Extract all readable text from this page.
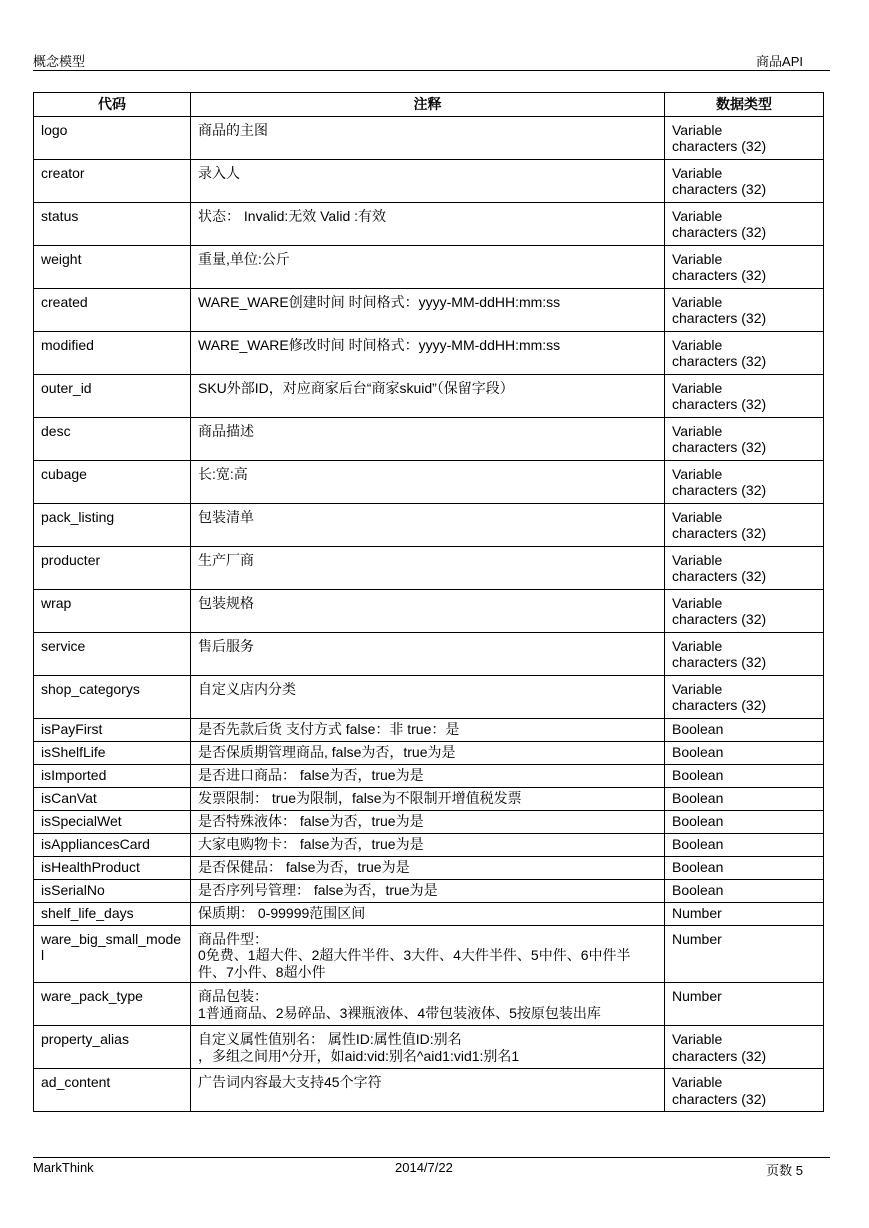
概念模型	商品API
代码	注释	数据类型
logo	商品的主图	Variable
characters (32)
creator	录入人	Variable
characters (32)
status	状态： Invalid:无效 Valid :有效	Variable
characters (32)
weight	重量,单位:公斤	Variable
characters (32)
created	WARE_WARE创建时间 时间格式：yyyy-MM-ddHH:mm:ss	Variable
characters (32)
modified	WARE_WARE修改时间 时间格式：yyyy-MM-ddHH:mm:ss	Variable
characters (32)
outer_id	SKU外部ID，对应商家后台“商家skuid”（保留字段）	Variable
characters (32)
desc	商品描述	Variable
characters (32)
cubage	长:宽:高	Variable
characters (32)
pack_listing	包装清单	Variable
characters (32)
producter	生产厂商	Variable
characters (32)
wrap	包装规格	Variable
characters (32)
service	售后服务	Variable
characters (32)
shop_categorys	自定义店内分类	Variable
characters (32)
isPayFirst	是否先款后货 支付方式 false：非 true：是	Boolean
isShelfLife	是否保质期管理商品, false为否，true为是	Boolean
isImported	是否进口商品： false为否，true为是	Boolean
isCanVat	发票限制： true为限制，false为不限制开增值税发票	Boolean
isSpecialWet	是否特殊液体： false为否，true为是	Boolean
isAppliancesCard	大家电购物卡： false为否，true为是	Boolean
isHealthProduct	是否保健品： false为否，true为是	Boolean
isSerialNo	是否序列号管理： false为否，true为是	Boolean
shelf_life_days	保质期： 0-99999范围区间	Number
ware_big_small_model	商品件型：
0免费、1超大件、2超大件半件、3大件、4大件半件、5中件、6中件半件、7小件、8超小件	Number
ware_pack_type	商品包装：
1普通商品、2易碎品、3裸瓶液体、4带包装液体、5按原包装出库	Number
property_alias	自定义属性值别名： 属性ID:属性值ID:别名
，多组之间用^分开，如aid:vid:别名^aid1:vid1:别名1	Variable
characters (32)
ad_content	广告词内容最大支持45个字符	Variable
characters (32)
MarkThink	2014/7/22	页数 5
